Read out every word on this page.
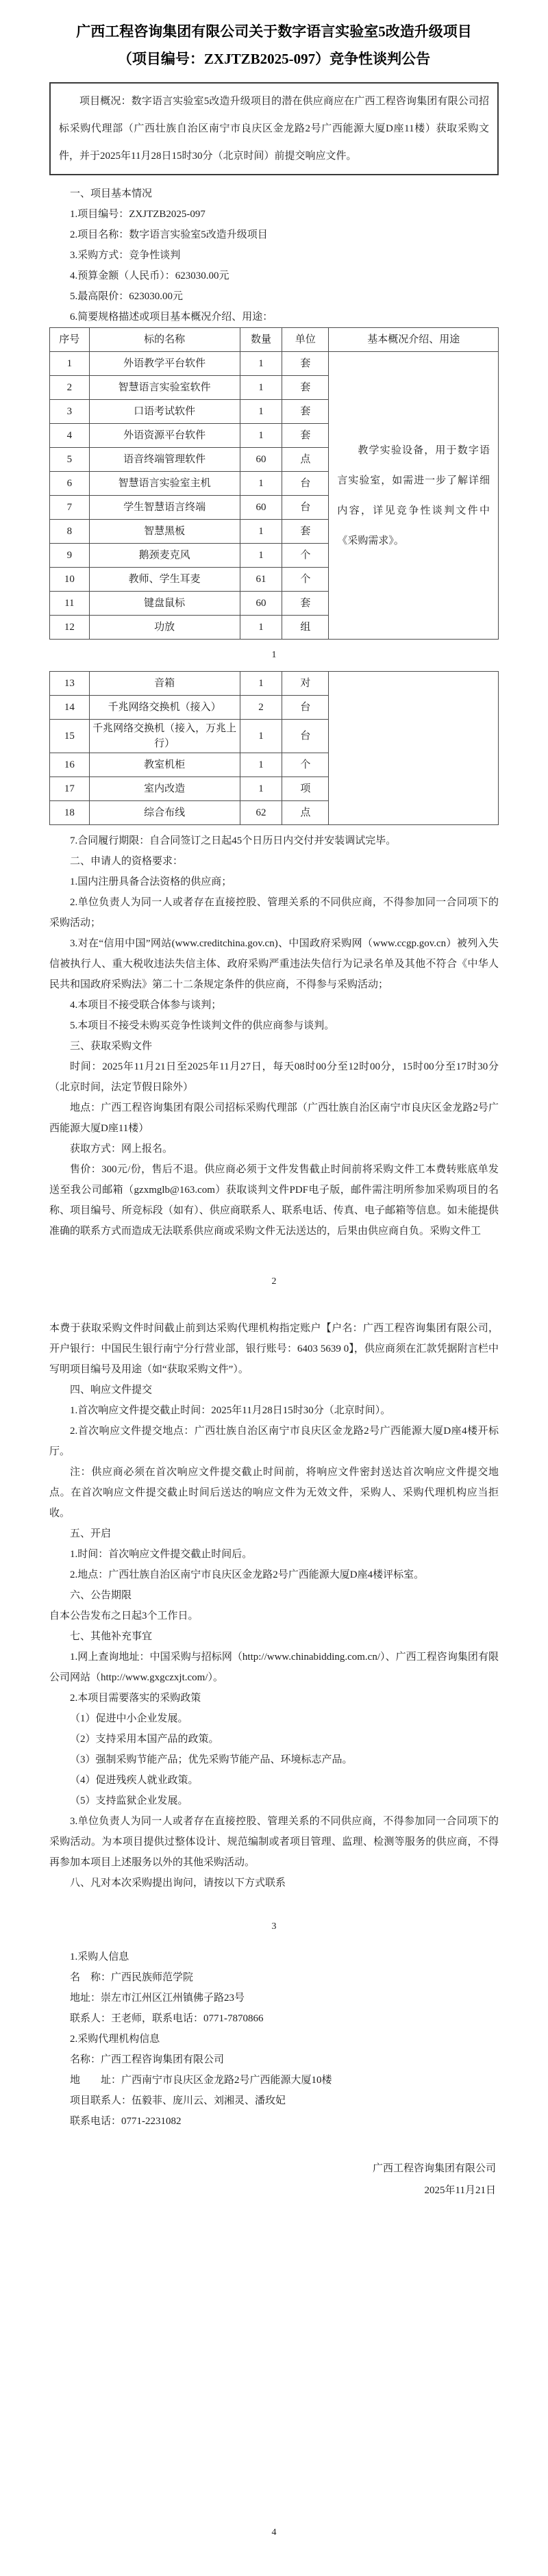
广西工程咨询集团有限公司关于数字语言实验室5改造升级项目
（项目编号：ZXJTZB2025-097）竞争性谈判公告

项目概况：数字语言实验室5改造升级项目的潜在供应商应在广西工程咨询集团有限公司招标采购代理部（广西壮族自治区南宁市良庆区金龙路2号广西能源大厦D座11楼）获取采购文件，并于2025年11月28日15时30分（北京时间）前提交响应文件。

一、项目基本情况

1.项目编号：ZXJTZB2025-097

2.项目名称：数字语言实验室5改造升级项目

3.采购方式：竞争性谈判

4.预算金额（人民币）：623030.00元

5.最高限价：623030.00元

6.简要规格描述或项目基本概况介绍、用途：

序号	标的名称	数量	单位	基本概况介绍、用途
1	外语教学平台软件	1	套	教学实验设备，用于数字语言实验室，如需进一步了解详细内容，详见竞争性谈判文件中《采购需求》。

2	智慧语言实验室软件	1	套	
3	口语考试软件	1	套	
4	外语资源平台软件	1	套	
5	语音终端管理软件	60	点	
6	智慧语言实验室主机	1	台	
7	学生智慧语言终端	60	台	
8	智慧黑板	1	套	
9	鹅颈麦克风	1	个	
10	教师、学生耳麦	61	个	
11	键盘鼠标	60	套	
12	功放	1	组	
1
13	音箱	1	对	
14	千兆网络交换机（接入）	2	台	
15	千兆网络交换机（接入，万兆上行）	1	台	
16	教室机柜	1	个	
17	室内改造	1	项	
18	综合布线	62	点	

7.合同履行期限：自合同签订之日起45个日历日内交付并安装调试完毕。

二、申请人的资格要求：

1.国内注册具备合法资格的供应商；

2.单位负责人为同一人或者存在直接控股、管理关系的不同供应商，不得参加同一合同项下的采购活动；

3.对在“信用中国”网站(www.creditchina.gov.cn)、中国政府采购网（www.ccgp.gov.cn）被列入失信被执行人、重大税收违法失信主体、政府采购严重违法失信行为记录名单及其他不符合《中华人民共和国政府采购法》第二十二条规定条件的供应商，不得参与采购活动；

4.本项目不接受联合体参与谈判；

5.本项目不接受未购买竞争性谈判文件的供应商参与谈判。

三、获取采购文件

时间：2025年11月21日至2025年11月27日，每天08时00分至12时00分，15时00分至17时30分（北京时间，法定节假日除外）

地点：广西工程咨询集团有限公司招标采购代理部（广西壮族自治区南宁市良庆区金龙路2号广西能源大厦D座11楼）

获取方式：网上报名。

售价：300元/份，售后不退。供应商必须于文件发售截止时间前将采购文件工本费转账底单发送至我公司邮箱（gzxmglb@163.com）获取谈判文件PDF电子版，邮件需注明所参加采购项目的名称、项目编号、所竞标段（如有）、供应商联系人、联系电话、传真、电子邮箱等信息。如未能提供准确的联系方式而造成无法联系供应商或采购文件无法送达的，后果由供应商自负。采购文件工

2

本费于获取采购文件时间截止前到达采购代理机构指定账户【户名：广西工程咨询集团有限公司，开户银行：中国民生银行南宁分行营业部，银行账号：6403 5639 0】，供应商须在汇款凭据附言栏中写明项目编号及用途（如“获取采购文件”）。

四、响应文件提交

1.首次响应文件提交截止时间：2025年11月28日15时30分（北京时间）。

2.首次响应文件提交地点：广西壮族自治区南宁市良庆区金龙路2号广西能源大厦D座4楼开标厅。

注：供应商必须在首次响应文件提交截止时间前，将响应文件密封送达首次响应文件提交地点。在首次响应文件提交截止时间后送达的响应文件为无效文件，采购人、采购代理机构应当拒收。

五、开启

1.时间：首次响应文件提交截止时间后。

2.地点：广西壮族自治区南宁市良庆区金龙路2号广西能源大厦D座4楼评标室。

六、公告期限

自本公告发布之日起3个工作日。

七、其他补充事宜

1.网上查询地址：中国采购与招标网（http://www.chinabidding.com.cn/）、广西工程咨询集团有限公司网站（http://www.gxgczxjt.com/）。

2.本项目需要落实的采购政策

（1）促进中小企业发展。

（2）支持采用本国产品的政策。

（3）强制采购节能产品；优先采购节能产品、环境标志产品。

（4）促进残疾人就业政策。

（5）支持监狱企业发展。

3.单位负责人为同一人或者存在直接控股、管理关系的不同供应商，不得参加同一合同项下的采购活动。为本项目提供过整体设计、规范编制或者项目管理、监理、检测等服务的供应商，不得再参加本项目上述服务以外的其他采购活动。

八、凡对本次采购提出询问，请按以下方式联系

3

1.采购人信息

名　称：广西民族师范学院

地址：崇左市江州区江州镇佛子路23号

联系人：王老师，联系电话：0771-7870866

2.采购代理机构信息

名称：广西工程咨询集团有限公司

地　　址：广西南宁市良庆区金龙路2号广西能源大厦10楼

项目联系人：伍毅菲、庞川云、刘湘灵、潘玫妃

联系电话：0771-2231082

广西工程咨询集团有限公司

2025年11月21日

4
